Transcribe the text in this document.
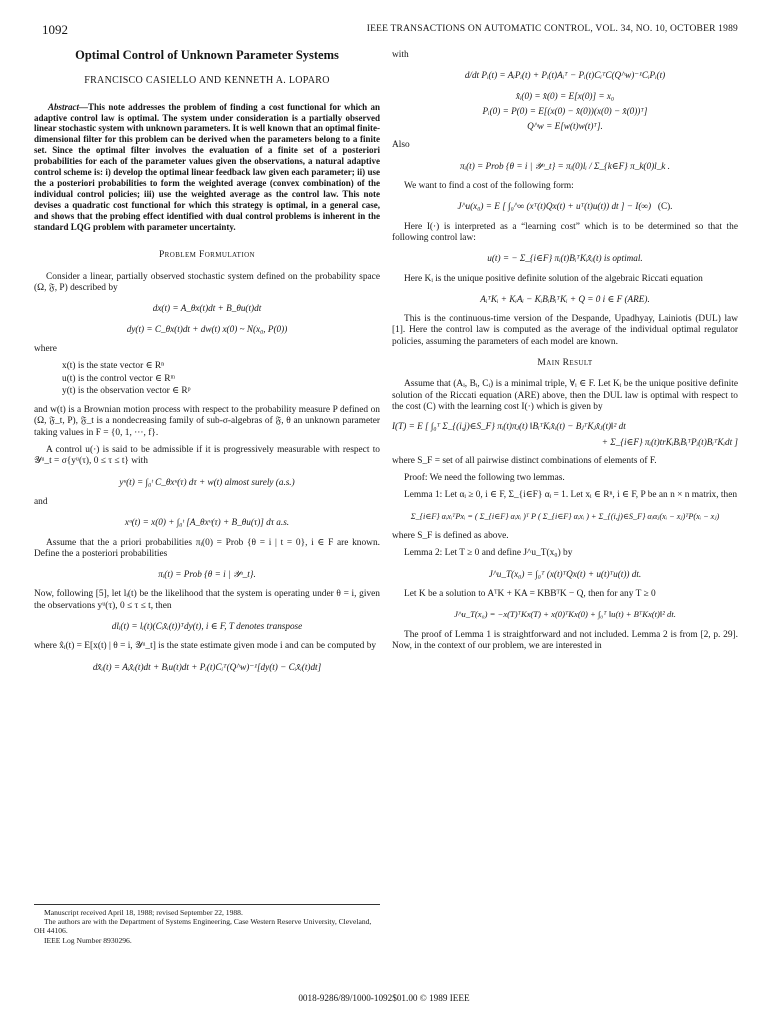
1092	IEEE TRANSACTIONS ON AUTOMATIC CONTROL, VOL. 34, NO. 10, OCTOBER 1989
Optimal Control of Unknown Parameter Systems
FRANCISCO CASIELLO AND KENNETH A. LOPARO

Abstract—This note addresses the problem of finding a cost functional for which an adaptive control law is optimal. The system under consideration is a partially observed linear stochastic system with unknown parameters. It is well known that an optimal finite-dimensional filter for this problem can be derived when the parameters belong to a finite set. Since the optimal filter involves the evaluation of a finite set of a posteriori probabilities for each of the parameter values given the observations, a natural adaptive control scheme is: i) develop the optimal linear feedback law given each parameter; ii) use the a posteriori probabilities to form the weighted average (convex combination) of the individual control policies; iii) use the weighted average as the control law. This note devises a quadratic cost functional for which this strategy is optimal, in a general case, and shows that the probing effect identified with dual control problems is inherent in the standard LQG problem with parameter uncertainty.

Problem Formulation

Consider a linear, partially observed stochastic system defined on the probability space (Ω, 𝔉, P) described by

dx(t) = A_θx(t)dt + B_θu(t)dt
dy(t) = C_θx(t)dt + dw(t) x(0) ~ N(x₀, P(0))

where

x(t) is the state vector ∈ Rⁿ
u(t) is the control vector ∈ Rᵐ
y(t) is the observation vector ∈ Rᵖ

and w(t) is a Brownian motion process with respect to the probability measure P defined on (Ω, 𝔉_t, P), 𝔉_t is a nondecreasing family of sub-σ-algebras of 𝔉, θ an unknown parameter taking values in F = {0, 1, ···, f}.

A control u(·) is said to be admissible if it is progressively measurable with respect to 𝒴ᵘ_t = σ{yᵘ(τ), 0 ≤ τ ≤ t} with

yᵘ(t) = ∫₀ᵗ C_θxᵘ(τ) dτ + w(t) almost surely (a.s.)

and

xᵘ(t) = x(0) + ∫₀ᵗ [A_θxᵘ(τ) + B_θu(τ)] dτ a.s.

Assume that the a priori probabilities πᵢ(0) = Prob {θ = i | t = 0}, i ∈ F are known. Define the a posteriori probabilities

πᵢ(t) = Prob {θ = i | 𝒴ᵘ_t}.

Now, following [5], let lᵢ(t) be the likelihood that the system is operating under θ = i, given the observations yᵘ(τ), 0 ≤ τ ≤ t, then

dlᵢ(t) = lᵢ(t)(Cᵢx̂ᵢ(t))ᵀdy(t), i ∈ F, T denotes transpose

where x̂ᵢ(t) = E[x(t) | θ = i, 𝒴ᵘ_t] is the state estimate given mode i and can be computed by

dx̂ᵢ(t) = Aᵢx̂ᵢ(t)dt + Bᵢu(t)dt + Pᵢ(t)Cᵢᵀ(Q^w)⁻¹[dy(t) − Cᵢx̂ᵢ(t)dt]
Manuscript received April 18, 1988; revised September 22, 1988.
The authors are with the Department of Systems Engineering, Case Western Reserve University, Cleveland, OH 44106.
IEEE Log Number 8930296.

with

d/dt Pᵢ(t) = AᵢPᵢ(t) + Pᵢ(t)Aᵢᵀ − Pᵢ(t)CᵢᵀC(Q^w)⁻¹CᵢPᵢ(t)
x̂ᵢ(0) = x̂(0) = E[x(0)] = x₀
Pᵢ(0) = P(0) = E[(x(0) − x̂(0))(x(0) − x̂(0))ᵀ]
Q^w = E[w(t)w(t)ᵀ].

Also

πᵢ(t) = Prob {θ = i | 𝒴ᵘ_t} = πᵢ(0)lᵢ / Σ_{k∈F} π_k(0)l_k .

We want to find a cost of the following form:

J^u(x₀) = E [ ∫₀^∞ (xᵀ(t)Qx(t) + uᵀ(t)u(t)) dt ] − I(∞) (C).

Here I(·) is interpreted as a “learning cost” which is to be determined so that the following control law:

u(t) = − Σ_{i∈F} πᵢ(t)BᵢᵀKᵢx̂ᵢ(t) is optimal.

Here Kᵢ is the unique positive definite solution of the algebraic Riccati equation

AᵢᵀKᵢ + KᵢAᵢ − KᵢBᵢBᵢᵀKᵢ + Q = 0 i ∈ F (ARE).

This is the continuous-time version of the Despande, Upadhyay, Lainiotis (DUL) law [1]. Here the control law is computed as the average of the individual optimal regulator policies, assuming the parameters of each model are known.

Main Result

Assume that (Aᵢ, Bᵢ, Cᵢ) is a minimal triple, ∀ᵢ ∈ F. Let Kᵢ be the unique positive definite solution of the Riccati equation (ARE) above, then the DUL law is optimal with respect to the cost (C) with the learning cost I(·) which is given by

I(T) = E [ ∫₀ᵀ Σ_{(i,j)∈S_F} πᵢ(t)πⱼ(t) ‖BᵢᵀKᵢx̂ᵢ(t) − BⱼᵀKⱼx̂ⱼ(t)‖² dt
+ Σ_{i∈F} πᵢ(t)trKᵢBᵢBᵢᵀPᵢ(t)BᵢᵀKᵢdt ]

where S_F = set of all pairwise distinct combinations of elements of F.

Proof: We need the following two lemmas.

Lemma 1: Let αᵢ ≥ 0, i ∈ F, Σ_{i∈F} αᵢ = 1. Let xᵢ ∈ Rⁿ, i ∈ F, P be an n × n matrix, then

Σ_{i∈F} αᵢxᵢᵀPxᵢ = ( Σ_{i∈F} αᵢxᵢ )ᵀ P ( Σ_{i∈F} αᵢxᵢ ) + Σ_{(i,j)∈S_F} αᵢαⱼ(xᵢ − xⱼ)ᵀP(xᵢ − xⱼ)

where S_F is defined as above.

Lemma 2: Let T ≥ 0 and define J^u_T(x₀) by

J^u_T(x₀) = ∫₀ᵀ (x(t)ᵀQx(t) + u(t)ᵀu(t)) dt.

Let K be a solution to AᵀK + KA = KBBᵀK − Q, then for any T ≥ 0

J^u_T(x₀) = −x(T)ᵀKx(T) + x(0)ᵀKx(0) + ∫₀ᵀ ‖u(t) + BᵀKx(t)‖² dt.

The proof of Lemma 1 is straightforward and not included. Lemma 2 is from [2, p. 29]. Now, in the context of our problem, we are interested in

0018-9286/89/1000-1092$01.00 © 1989 IEEE
